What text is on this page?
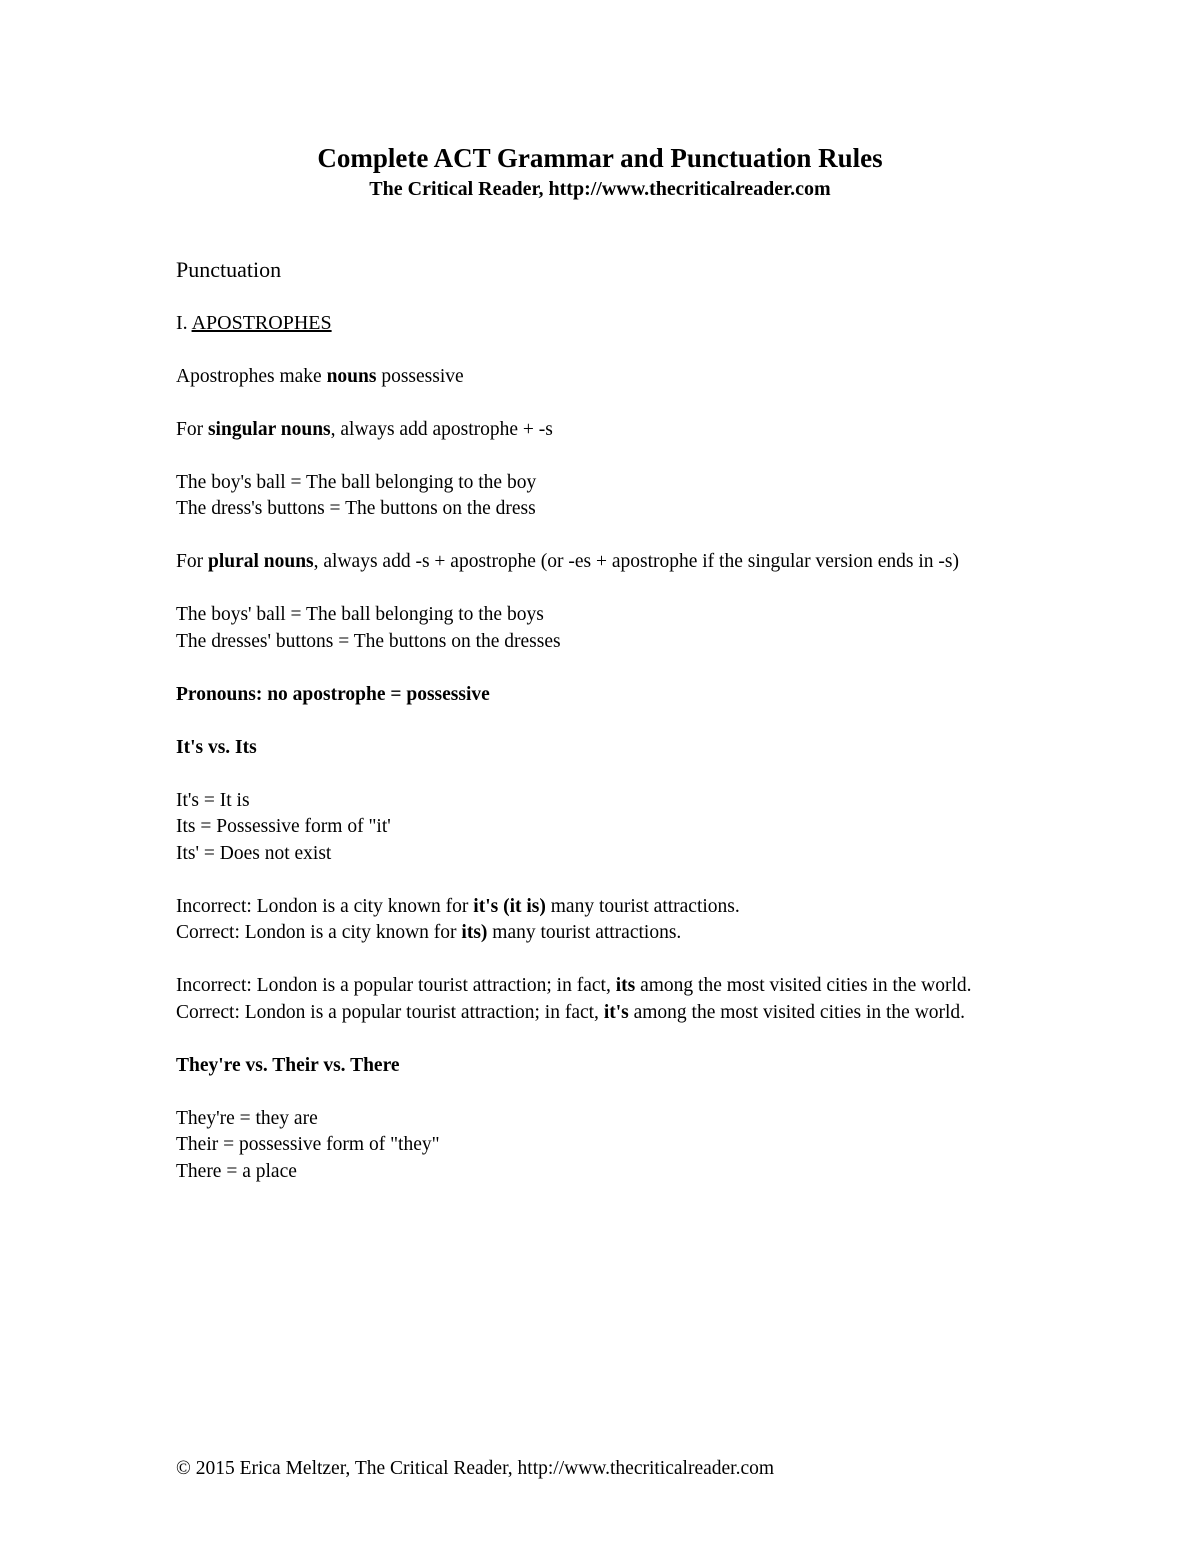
Complete ACT Grammar and Punctuation Rules

The Critical Reader, http://www.thecriticalreader.com

Punctuation

I. APOSTROPHES

Apostrophes make nouns possessive

For singular nouns, always add apostrophe + -s

The boy's ball = The ball belonging to the boy
The dress's buttons = The buttons on the dress

For plural nouns, always add -s + apostrophe (or -es + apostrophe if the singular version ends in -s)

The boys' ball = The ball belonging to the boys
The dresses' buttons = The buttons on the dresses

Pronouns: no apostrophe = possessive

It's vs. Its

It's = It is
Its = Possessive form of "it'
Its' = Does not exist

Incorrect: London is a city known for it's (it is) many tourist attractions.
Correct: London is a city known for its) many tourist attractions.

Incorrect: London is a popular tourist attraction; in fact, its among the most visited cities in the world.
Correct: London is a popular tourist attraction; in fact, it's among the most visited cities in the world.

They're vs. Their vs. There

They're = they are
Their = possessive form of "they"
There = a place

© 2015 Erica Meltzer, The Critical Reader, http://www.thecriticalreader.com
